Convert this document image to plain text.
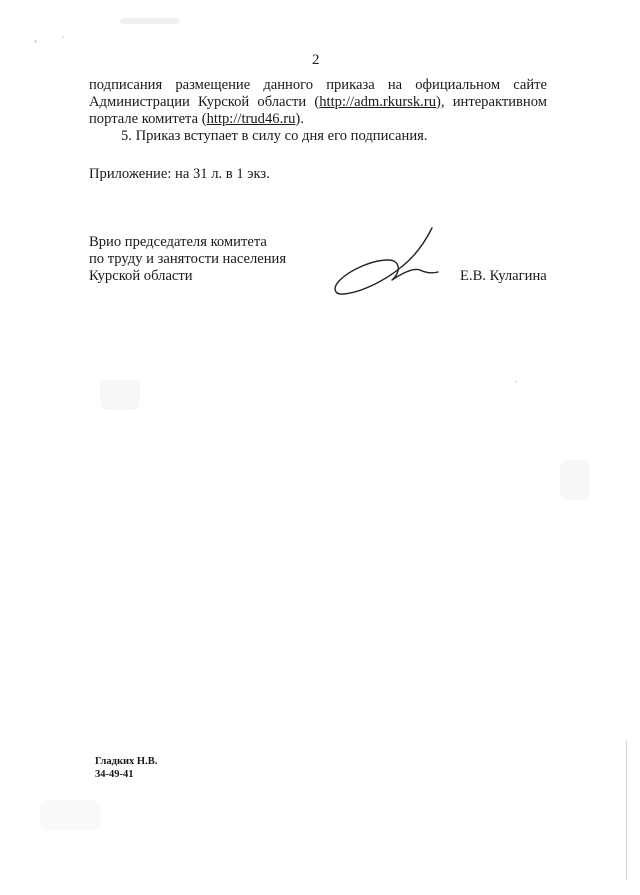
2
подписания размещение данного приказа на официальном сайте
Администрации Курской области (http://adm.rkursk.ru), интерактивном
портале комитета (http://trud46.ru).
5. Приказ вступает в силу со дня его подписания.
Приложение: на 31 л. в 1 экз.
Врио председателя комитета
по труду и занятости населения
Курской области	Е.В. Кулагина
Гладких Н.В.
34-49-41
